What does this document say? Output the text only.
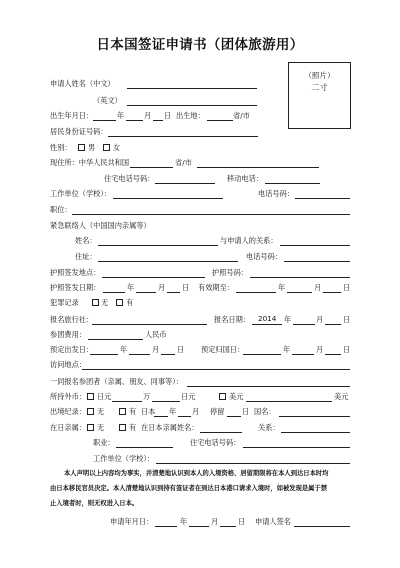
日本国签证申请书（团体旅游用）
（照片）
二寸
申请人姓名（中文）
（英文）
出生年月日：	年	月 日 出生地：	省/市
居民身份证号码：
性别： 男 女
现住所：中华人民共和国	省/市
住宅电话号码：	移动电话：
工作单位（学校）：	电话号码：
职位：
紧急联络人（中国国内亲属等）
姓名：	与申请人的关系：
住址：	电话号码：
护照签发地点：	护照号码：
护照签发日期：	年	月 日 有效期至：	年	月	日
犯罪记录	无 有
报名旅行社：	报名日期： 2014 年	月	日
参团费用：	人民币
预定出发日：	年	月 日 预定归国日：	年	月	日
访问地点：
一同报名参团者（亲属、朋友、同事等）：
所持外币： 日元	万	日元	美元	美元
出境纪录： 无	有 日本 年 月 停留 日 国名：
在日亲属： 无	有 在日本亲属姓名：	关系：
职业：	住宅电话号码：
工作单位（学校）：
本人声明以上内容均为事实，并清楚地认识到本人的入境资格、居留期限将在本人到达日本时均
由日本移民官员决定。本人清楚地认识到持有签证者在到达日本港口请求入境时，如被发现是属于禁
止入境者时，则无权进入日本。
申请年月日：	年	月	日 申请人签名
